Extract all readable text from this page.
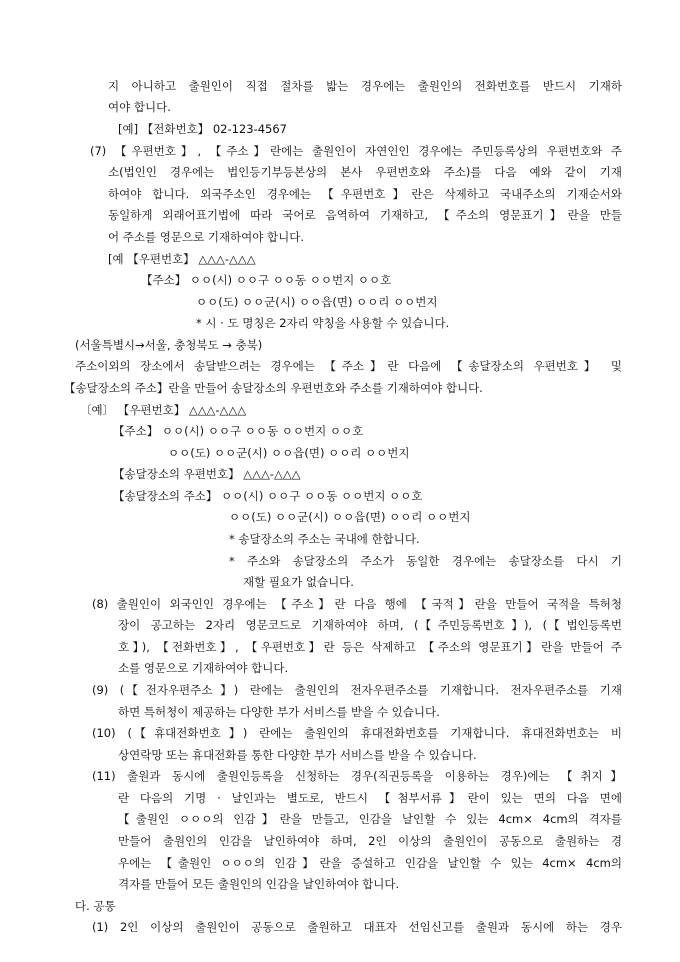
지 아니하고 출원인이 직접 절차를 밟는 경우에는 출원인의 전화번호를 반드시 기재하
여야 합니다.
[예] 【전화번호】 02-123-4567
(7) 【우편번호】, 【주소】란에는 출원인이 자연인인 경우에는 주민등록상의 우편번호와 주
소(법인인 경우에는 법인등기부등본상의 본사 우편번호와 주소)를 다음 예와 같이 기재
하여야 합니다. 외국주소인 경우에는 【우편번호】란은 삭제하고 국내주소의 기재순서와
동일하게 외래어표기법에 따라 국어로 음역하여 기재하고, 【주소의 영문표기】란을 만들
어 주소를 영문으로 기재하여야 합니다.
[예 【우편번호】 △△△-△△△
【주소】 ㅇㅇ(시) ㅇㅇ구 ㅇㅇ동 ㅇㅇ번지 ㅇㅇ호
ㅇㅇ(도) ㅇㅇ군(시) ㅇㅇ읍(면) ㅇㅇ리 ㅇㅇ번지
* 시 · 도 명칭은 2자리 약칭을 사용할 수 있습니다.
(서울특별시→서울, 충청북도 → 충북)
주소이외의 장소에서 송달받으려는 경우에는 【주소】란 다음에 【송달장소의 우편번호】 및
【송달장소의 주소】란을 만들어 송달장소의 우편번호와 주소를 기재하여야 합니다.
〔예〕 【우편번호】 △△△-△△△
【주소】 ㅇㅇ(시) ㅇㅇ구 ㅇㅇ동 ㅇㅇ번지 ㅇㅇ호
ㅇㅇ(도) ㅇㅇ군(시) ㅇㅇ읍(면) ㅇㅇ리 ㅇㅇ번지
【송달장소의 우편번호】 △△△-△△△
【송달장소의 주소】 ㅇㅇ(시) ㅇㅇ구 ㅇㅇ동 ㅇㅇ번지 ㅇㅇ호
ㅇㅇ(도) ㅇㅇ군(시) ㅇㅇ읍(면) ㅇㅇ리 ㅇㅇ번지
* 송달장소의 주소는 국내에 한합니다.
* 주소와 송달장소의 주소가 동일한 경우에는 송달장소를 다시 기
재할 필요가 없습니다.
(8) 출원인이 외국인인 경우에는 【주소】란 다음 행에 【국적】란을 만들어 국적을 특허청
장이 공고하는 2자리 영문코드로 기재하여야 하며, (【주민등록번호】), (【법인등록번
호】), 【전화번호】, 【우편번호】란 등은 삭제하고 【주소의 영문표기】란을 만들어 주
소를 영문으로 기재하여야 합니다.
(9) (【전자우편주소】) 란에는 출원인의 전자우편주소를 기재합니다. 전자우편주소를 기재
하면 특허청이 제공하는 다양한 부가 서비스를 받을 수 있습니다.
(10) (【휴대전화번호】) 란에는 출원인의 휴대전화번호를 기재합니다. 휴대전화번호는 비
상연락망 또는 휴대전화를 통한 다양한 부가 서비스를 받을 수 있습니다.
(11) 출원과 동시에 출원인등록을 신청하는 경우(직권등록을 이용하는 경우)에는 【취지】
란 다음의 기명 · 날인과는 별도로, 반드시 【첨부서류】란이 있는 면의 다음 면에
【출원인 ㅇㅇㅇ의 인감】란을 만들고, 인감을 날인할 수 있는 4cm× 4cm의 격자를
만들어 출원인의 인감을 날인하여야 하며, 2인 이상의 출원인이 공동으로 출원하는 경
우에는 【출원인 ㅇㅇㅇ의 인감】란을 증설하고 인감을 날인할 수 있는 4cm× 4cm의
격자를 만들어 모든 출원인의 인감을 날인하여야 합니다.
다. 공통
(1) 2인 이상의 출원인이 공동으로 출원하고 대표자 선임신고를 출원과 동시에 하는 경우
